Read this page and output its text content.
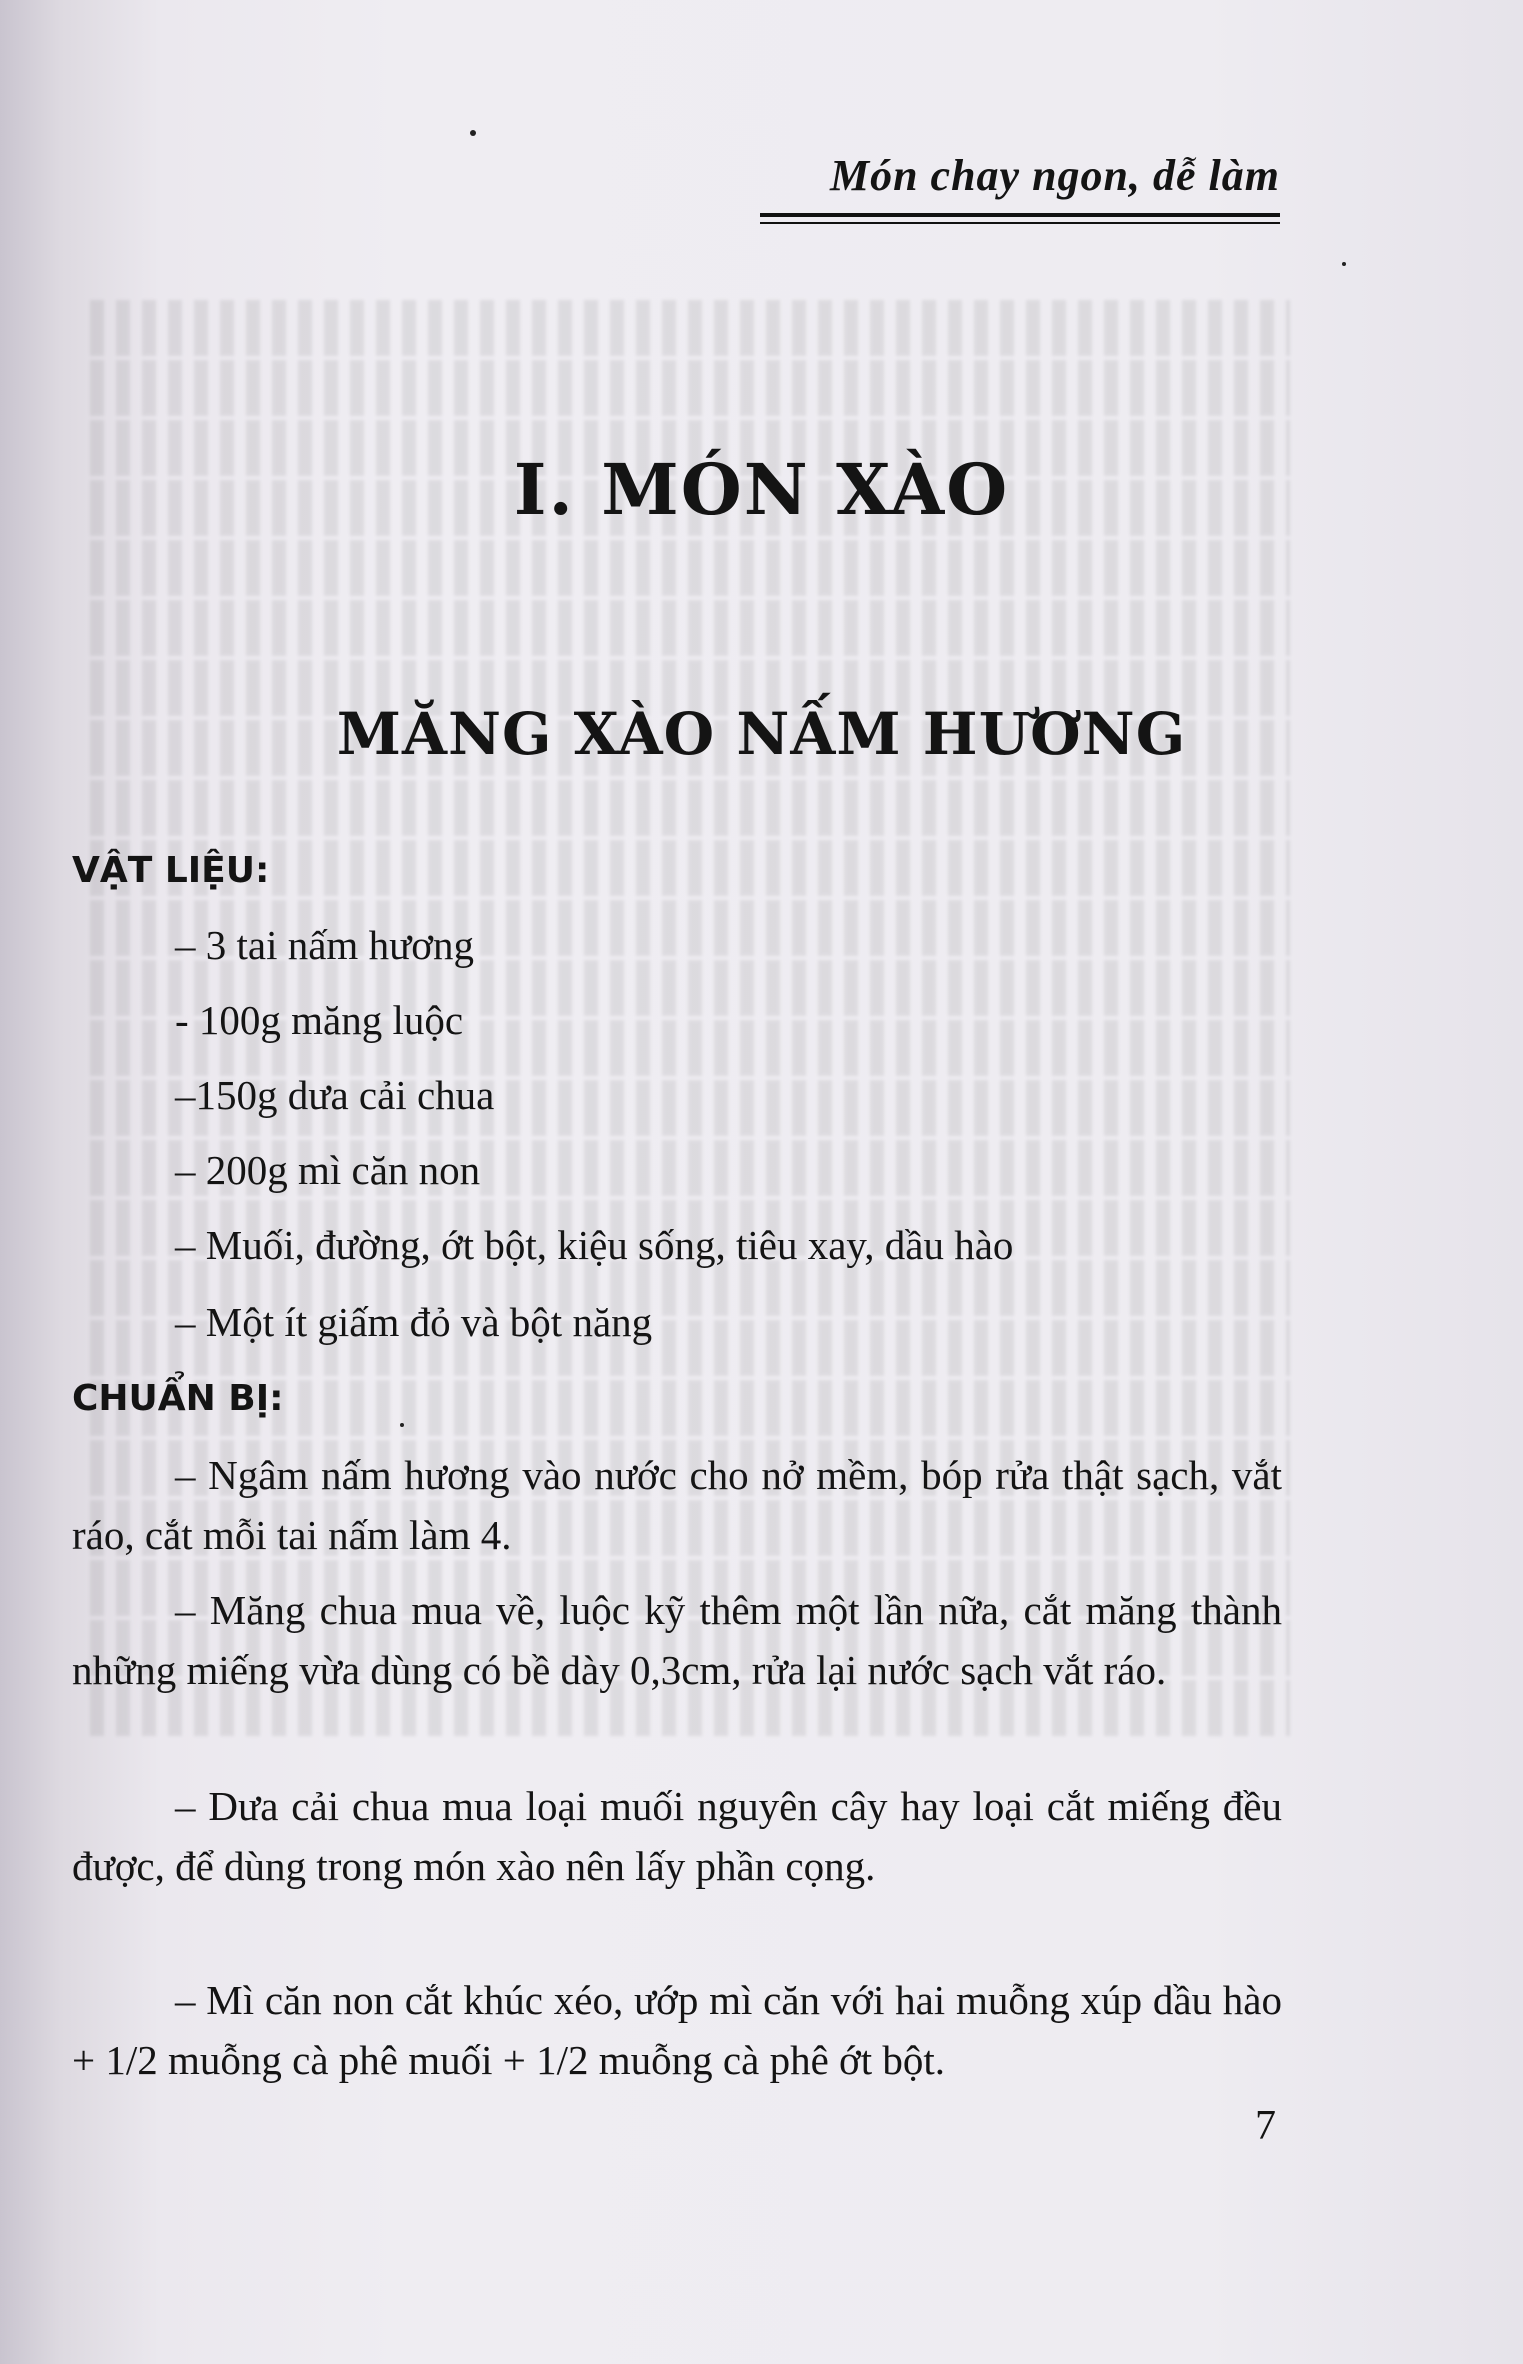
Món chay ngon, dễ làm
I. MÓN XÀO
MĂNG XÀO NẤM HƯƠNG
VẬT LIỆU:
– 3 tai nấm hương
- 100g măng luộc
–150g dưa cải chua
– 200g mì căn non
– Muối, đường, ớt bột, kiệu sống, tiêu xay, dầu hào
– Một ít giấm đỏ và bột năng
CHUẨN BỊ:
– Ngâm nấm hương vào nước cho nở mềm, bóp rửa thật sạch, vắt ráo, cắt mỗi tai nấm làm 4.
– Măng chua mua về, luộc kỹ thêm một lần nữa, cắt măng thành những miếng vừa dùng có bề dày 0,3cm, rửa lại nước sạch vắt ráo.
– Dưa cải chua mua loại muối nguyên cây hay loại cắt miếng đều được, để dùng trong món xào nên lấy phần cọng.
– Mì căn non cắt khúc xéo, ướp mì căn với hai muỗng xúp dầu hào + 1/2 muỗng cà phê muối + 1/2 muỗng cà phê ớt bột.
7
